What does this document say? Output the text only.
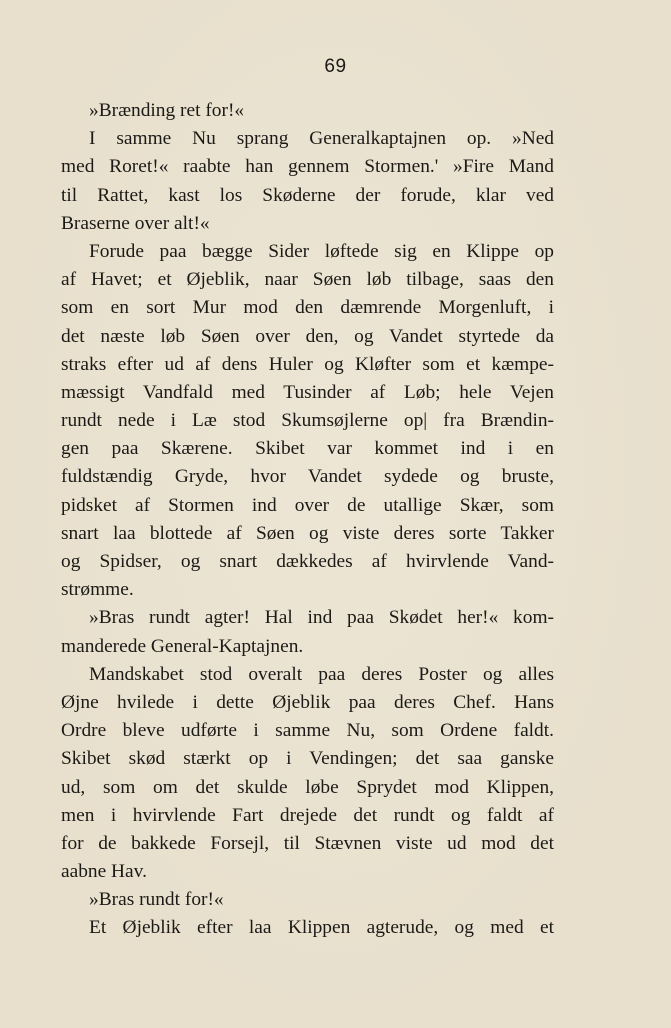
69
»Brænding ret for!«
I samme Nu sprang Generalkaptajnen op. »Ned
med Roret!« raabte han gennem Stormen.' »Fire Mand
til Rattet, kast los Skøderne der forude, klar ved
Braserne over alt!«
Forude paa bægge Sider løftede sig en Klippe op
af Havet; et Øjeblik, naar Søen løb tilbage, saas den
som en sort Mur mod den dæmrende Morgenluft, i
det næste løb Søen over den, og Vandet styrtede da
straks efter ud af dens Huler og Kløfter som et kæmpe-
mæssigt Vandfald med Tusinder af Løb; hele Vejen
rundt nede i Læ stod Skumsøjlerne op| fra Brændin-
gen paa Skærene. Skibet var kommet ind i en
fuldstændig Gryde, hvor Vandet sydede og bruste,
pidsket af Stormen ind over de utallige Skær, som
snart laa blottede af Søen og viste deres sorte Takker
og Spidser, og snart dækkedes af hvirvlende Vand-
strømme.
»Bras rundt agter! Hal ind paa Skødet her!« kom-
manderede General-Kaptajnen.
Mandskabet stod overalt paa deres Poster og alles
Øjne hvilede i dette Øjeblik paa deres Chef. Hans
Ordre bleve udførte i samme Nu, som Ordene faldt.
Skibet skød stærkt op i Vendingen; det saa ganske
ud, som om det skulde løbe Sprydet mod Klippen,
men i hvirvlende Fart drejede det rundt og faldt af
for de bakkede Forsejl, til Stævnen viste ud mod det
aabne Hav.
»Bras rundt for!«
Et Øjeblik efter laa Klippen agterude, og med et
